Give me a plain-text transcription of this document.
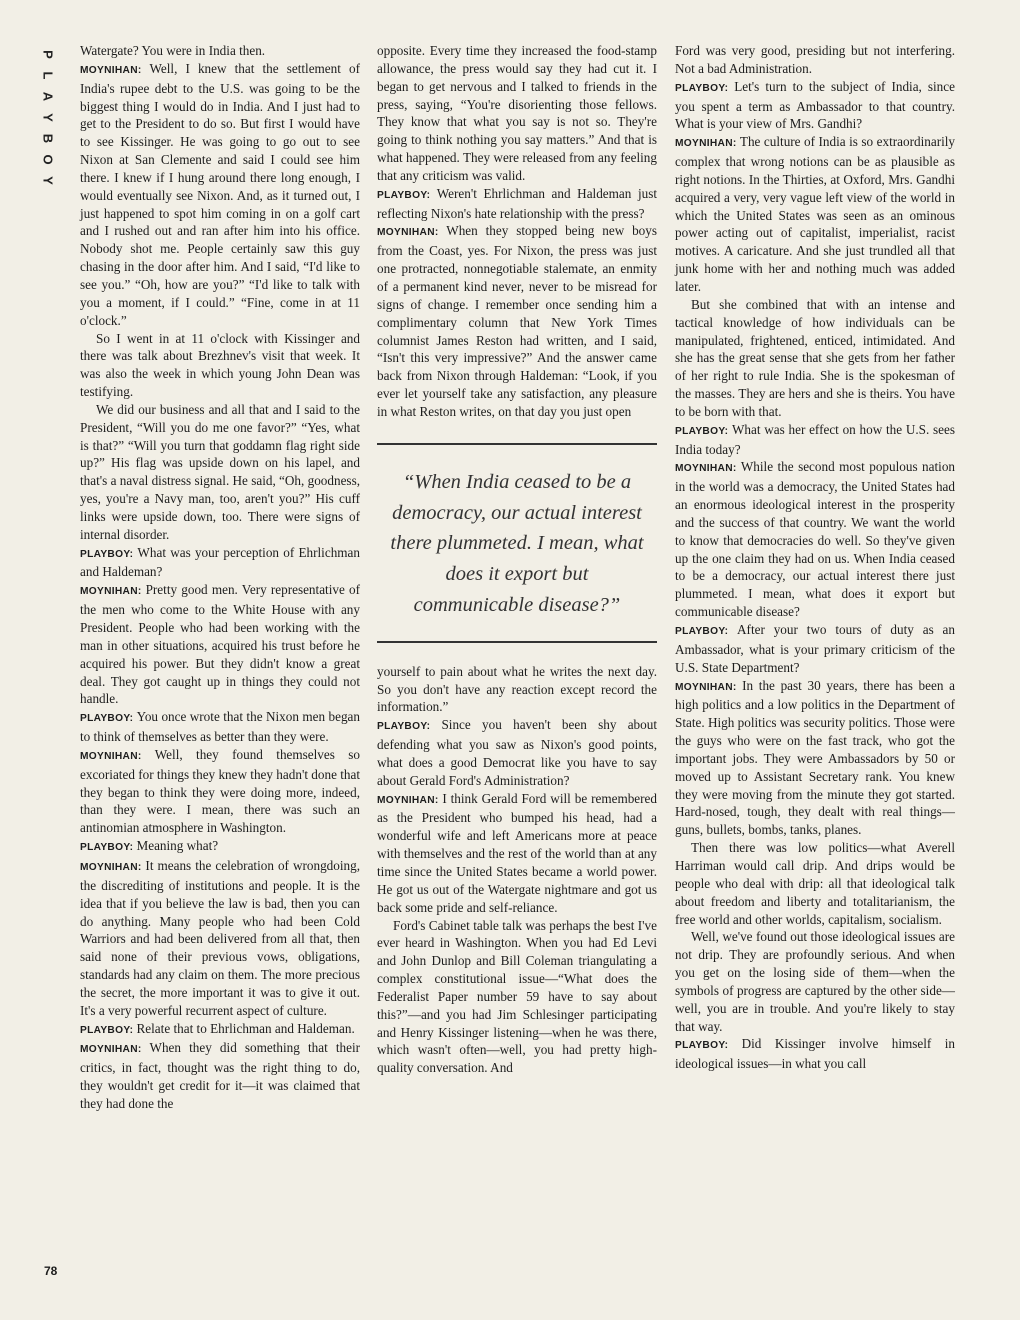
P
L
A
Y
B
O
Y

Watergate? You were in India then.

MOYNIHAN: Well, I knew that the settlement of India's rupee debt to the U.S. was going to be the biggest thing I would do in India. And I just had to get to the President to do so. But first I would have to see Kissinger. He was going to go out to see Nixon at San Clemente and said I could see him there. I knew if I hung around there long enough, I would eventually see Nixon. And, as it turned out, I just happened to spot him coming in on a golf cart and I rushed out and ran after him into his office. Nobody shot me. People certainly saw this guy chasing in the door after him. And I said, “I'd like to see you.” “Oh, how are you?” “I'd like to talk with you a moment, if I could.” “Fine, come in at 11 o'clock.”

So I went in at 11 o'clock with Kissinger and there was talk about Brezhnev's visit that week. It was also the week in which young John Dean was testifying.

We did our business and all that and I said to the President, “Will you do me one favor?” “Yes, what is that?” “Will you turn that goddamn flag right side up?” His flag was upside down on his lapel, and that's a naval distress signal. He said, “Oh, goodness, yes, you're a Navy man, too, aren't you?” His cuff links were upside down, too. There were signs of internal disorder.

PLAYBOY: What was your perception of Ehrlichman and Haldeman?

MOYNIHAN: Pretty good men. Very representative of the men who come to the White House with any President. People who had been working with the man in other situations, acquired his trust before he acquired his power. But they didn't know a great deal. They got caught up in things they could not handle.

PLAYBOY: You once wrote that the Nixon men began to think of themselves as better than they were.

MOYNIHAN: Well, they found themselves so excoriated for things they knew they hadn't done that they began to think they were doing more, indeed, than they were. I mean, there was such an antinomian atmosphere in Washington.

PLAYBOY: Meaning what?

MOYNIHAN: It means the celebration of wrongdoing, the discrediting of institutions and people. It is the idea that if you believe the law is bad, then you can do anything. Many people who had been Cold Warriors and had been delivered from all that, then said none of their previous vows, obligations, standards had any claim on them. The more precious the secret, the more important it was to give it out. It's a very powerful recurrent aspect of culture.

PLAYBOY: Relate that to Ehrlichman and Haldeman.

MOYNIHAN: When they did something that their critics, in fact, thought was the right thing to do, they wouldn't get credit for it—it was claimed that they had done the

opposite. Every time they increased the food-stamp allowance, the press would say they had cut it. I began to get nervous and I talked to friends in the press, saying, “You're disorienting those fellows. They know that what you say is not so. They're going to think nothing you say matters.” And that is what happened. They were released from any feeling that any criticism was valid.

PLAYBOY: Weren't Ehrlichman and Haldeman just reflecting Nixon's hate relationship with the press?

MOYNIHAN: When they stopped being new boys from the Coast, yes. For Nixon, the press was just one protracted, nonnegotiable stalemate, an enmity of a permanent kind never, never to be misread for signs of change. I remember once sending him a complimentary column that New York Times columnist James Reston had written, and I said, “Isn't this very impressive?” And the answer came back from Nixon through Haldeman: “Look, if you ever let yourself take any satisfaction, any pleasure in what Reston writes, on that day you just open

“When India ceased to be a democracy, our actual interest there plummeted. I mean, what does it export but communicable disease?”

yourself to pain about what he writes the next day. So you don't have any reaction except record the information.”

PLAYBOY: Since you haven't been shy about defending what you saw as Nixon's good points, what does a good Democrat like you have to say about Gerald Ford's Administration?

MOYNIHAN: I think Gerald Ford will be remembered as the President who bumped his head, had a wonderful wife and left Americans more at peace with themselves and the rest of the world than at any time since the United States became a world power. He got us out of the Watergate nightmare and got us back some pride and self-reliance.

Ford's Cabinet table talk was perhaps the best I've ever heard in Washington. When you had Ed Levi and John Dunlop and Bill Coleman triangulating a complex constitutional issue—“What does the Federalist Paper number 59 have to say about this?”—and you had Jim Schlesinger participating and Henry Kissinger listening—when he was there, which wasn't often—well, you had pretty high-quality conversation. And

Ford was very good, presiding but not interfering. Not a bad Administration.

PLAYBOY: Let's turn to the subject of India, since you spent a term as Ambassador to that country. What is your view of Mrs. Gandhi?

MOYNIHAN: The culture of India is so extraordinarily complex that wrong notions can be as plausible as right notions. In the Thirties, at Oxford, Mrs. Gandhi acquired a very, very vague left view of the world in which the United States was seen as an ominous power acting out of capitalist, imperialist, racist motives. A caricature. And she just trundled all that junk home with her and nothing much was added later.

But she combined that with an intense and tactical knowledge of how individuals can be manipulated, frightened, enticed, intimidated. And she has the great sense that she gets from her father of her right to rule India. She is the spokesman of the masses. They are hers and she is theirs. You have to be born with that.

PLAYBOY: What was her effect on how the U.S. sees India today?

MOYNIHAN: While the second most populous nation in the world was a democracy, the United States had an enormous ideological interest in the prosperity and the success of that country. We want the world to know that democracies do well. So they've given up the one claim they had on us. When India ceased to be a democracy, our actual interest there just plummeted. I mean, what does it export but communicable disease?

PLAYBOY: After your two tours of duty as an Ambassador, what is your primary criticism of the U.S. State Department?

MOYNIHAN: In the past 30 years, there has been a high politics and a low politics in the Department of State. High politics was security politics. Those were the guys who were on the fast track, who got the important jobs. They were Ambassadors by 50 or moved up to Assistant Secretary rank. You knew they were moving from the minute they got started. Hard-nosed, tough, they dealt with real things—guns, bullets, bombs, tanks, planes.

Then there was low politics—what Averell Harriman would call drip. And drips would be people who deal with drip: all that ideological talk about freedom and liberty and totalitarianism, the free world and other worlds, capitalism, socialism.

Well, we've found out those ideological issues are not drip. They are profoundly serious. And when you get on the losing side of them—when the symbols of progress are captured by the other side—well, you are in trouble. And you're likely to stay that way.

PLAYBOY: Did Kissinger involve himself in ideological issues—in what you call

78
